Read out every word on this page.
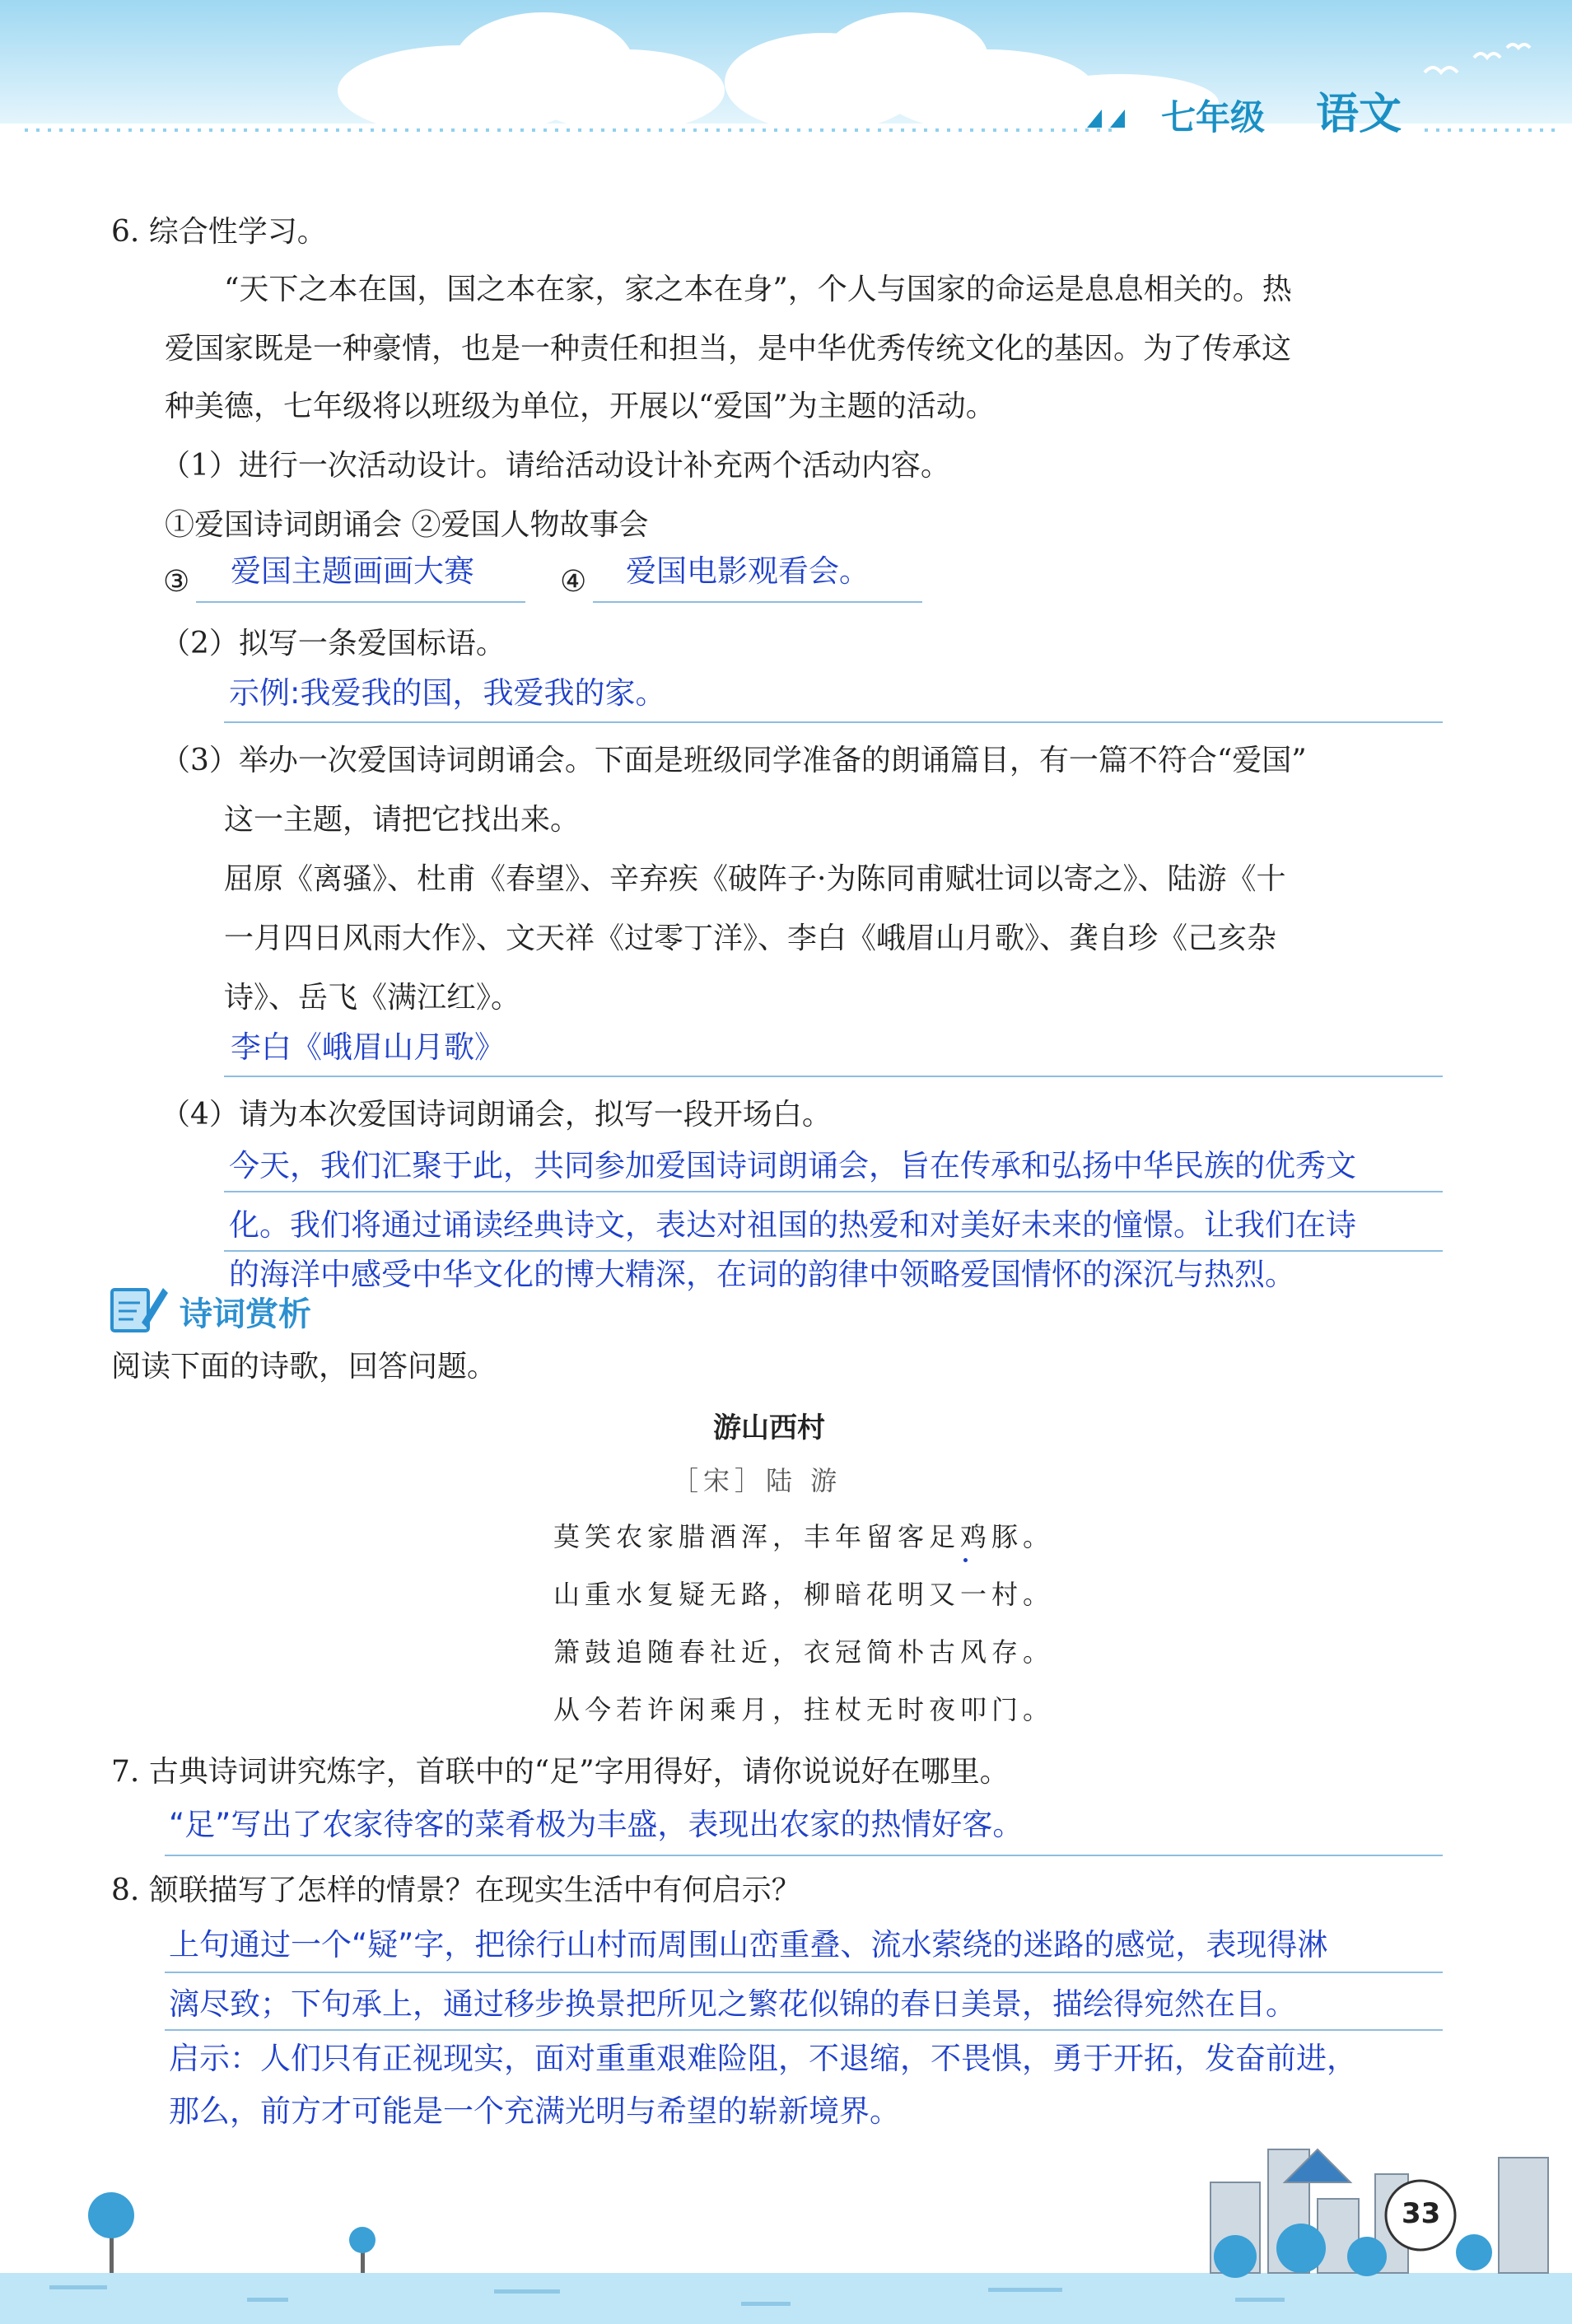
七年级 语文
6. 综合性学习。
“天下之本在国，国之本在家，家之本在身”，个人与国家的命运是息息相关的。热
爱国家既是一种豪情，也是一种责任和担当，是中华优秀传统文化的基因。为了传承这
种美德，七年级将以班级为单位，开展以“爱国”为主题的活动。
（1）进行一次活动设计。请给活动设计补充两个活动内容。
①爱国诗词朗诵会 ②爱国人物故事会
③ 爱国主题画画大赛	④ 爱国电影观看会。
（2）拟写一条爱国标语。
示例:我爱我的国，我爱我的家。
（3）举办一次爱国诗词朗诵会。下面是班级同学准备的朗诵篇目，有一篇不符合“爱国”
这一主题，请把它找出来。
屈原《离骚》、杜甫《春望》、辛弃疾《破阵子·为陈同甫赋壮词以寄之》、陆游《十
一月四日风雨大作》、文天祥《过零丁洋》、李白《峨眉山月歌》、龚自珍《己亥杂
诗》、岳飞《满江红》。
李白《峨眉山月歌》
（4）请为本次爱国诗词朗诵会，拟写一段开场白。
今天，我们汇聚于此，共同参加爱国诗词朗诵会，旨在传承和弘扬中华民族的优秀文
化。我们将通过诵读经典诗文，表达对祖国的热爱和对美好未来的憧憬。让我们在诗
的海洋中感受中华文化的博大精深，在词的韵律中领略爱国情怀的深沉与热烈。
诗词赏析
阅读下面的诗歌，回答问题。
游山西村
［宋］陆 游
莫笑农家腊酒浑，丰年留客足鸡豚。
山重水复疑无路，柳暗花明又一村。
箫鼓追随春社近，衣冠简朴古风存。
从今若许闲乘月，拄杖无时夜叩门。
7. 古典诗词讲究炼字，首联中的“足”字用得好，请你说说好在哪里。
“足”写出了农家待客的菜肴极为丰盛，表现出农家的热情好客。
8. 颔联描写了怎样的情景？在现实生活中有何启示？
上句通过一个“疑”字，把徐行山村而周围山峦重叠、流水萦绕的迷路的感觉，表现得淋
漓尽致；下句承上，通过移步换景把所见之繁花似锦的春日美景，描绘得宛然在目。
启示：人们只有正视现实，面对重重艰难险阻，不退缩，不畏惧，勇于开拓，发奋前进，
那么，前方才可能是一个充满光明与希望的崭新境界。
33
